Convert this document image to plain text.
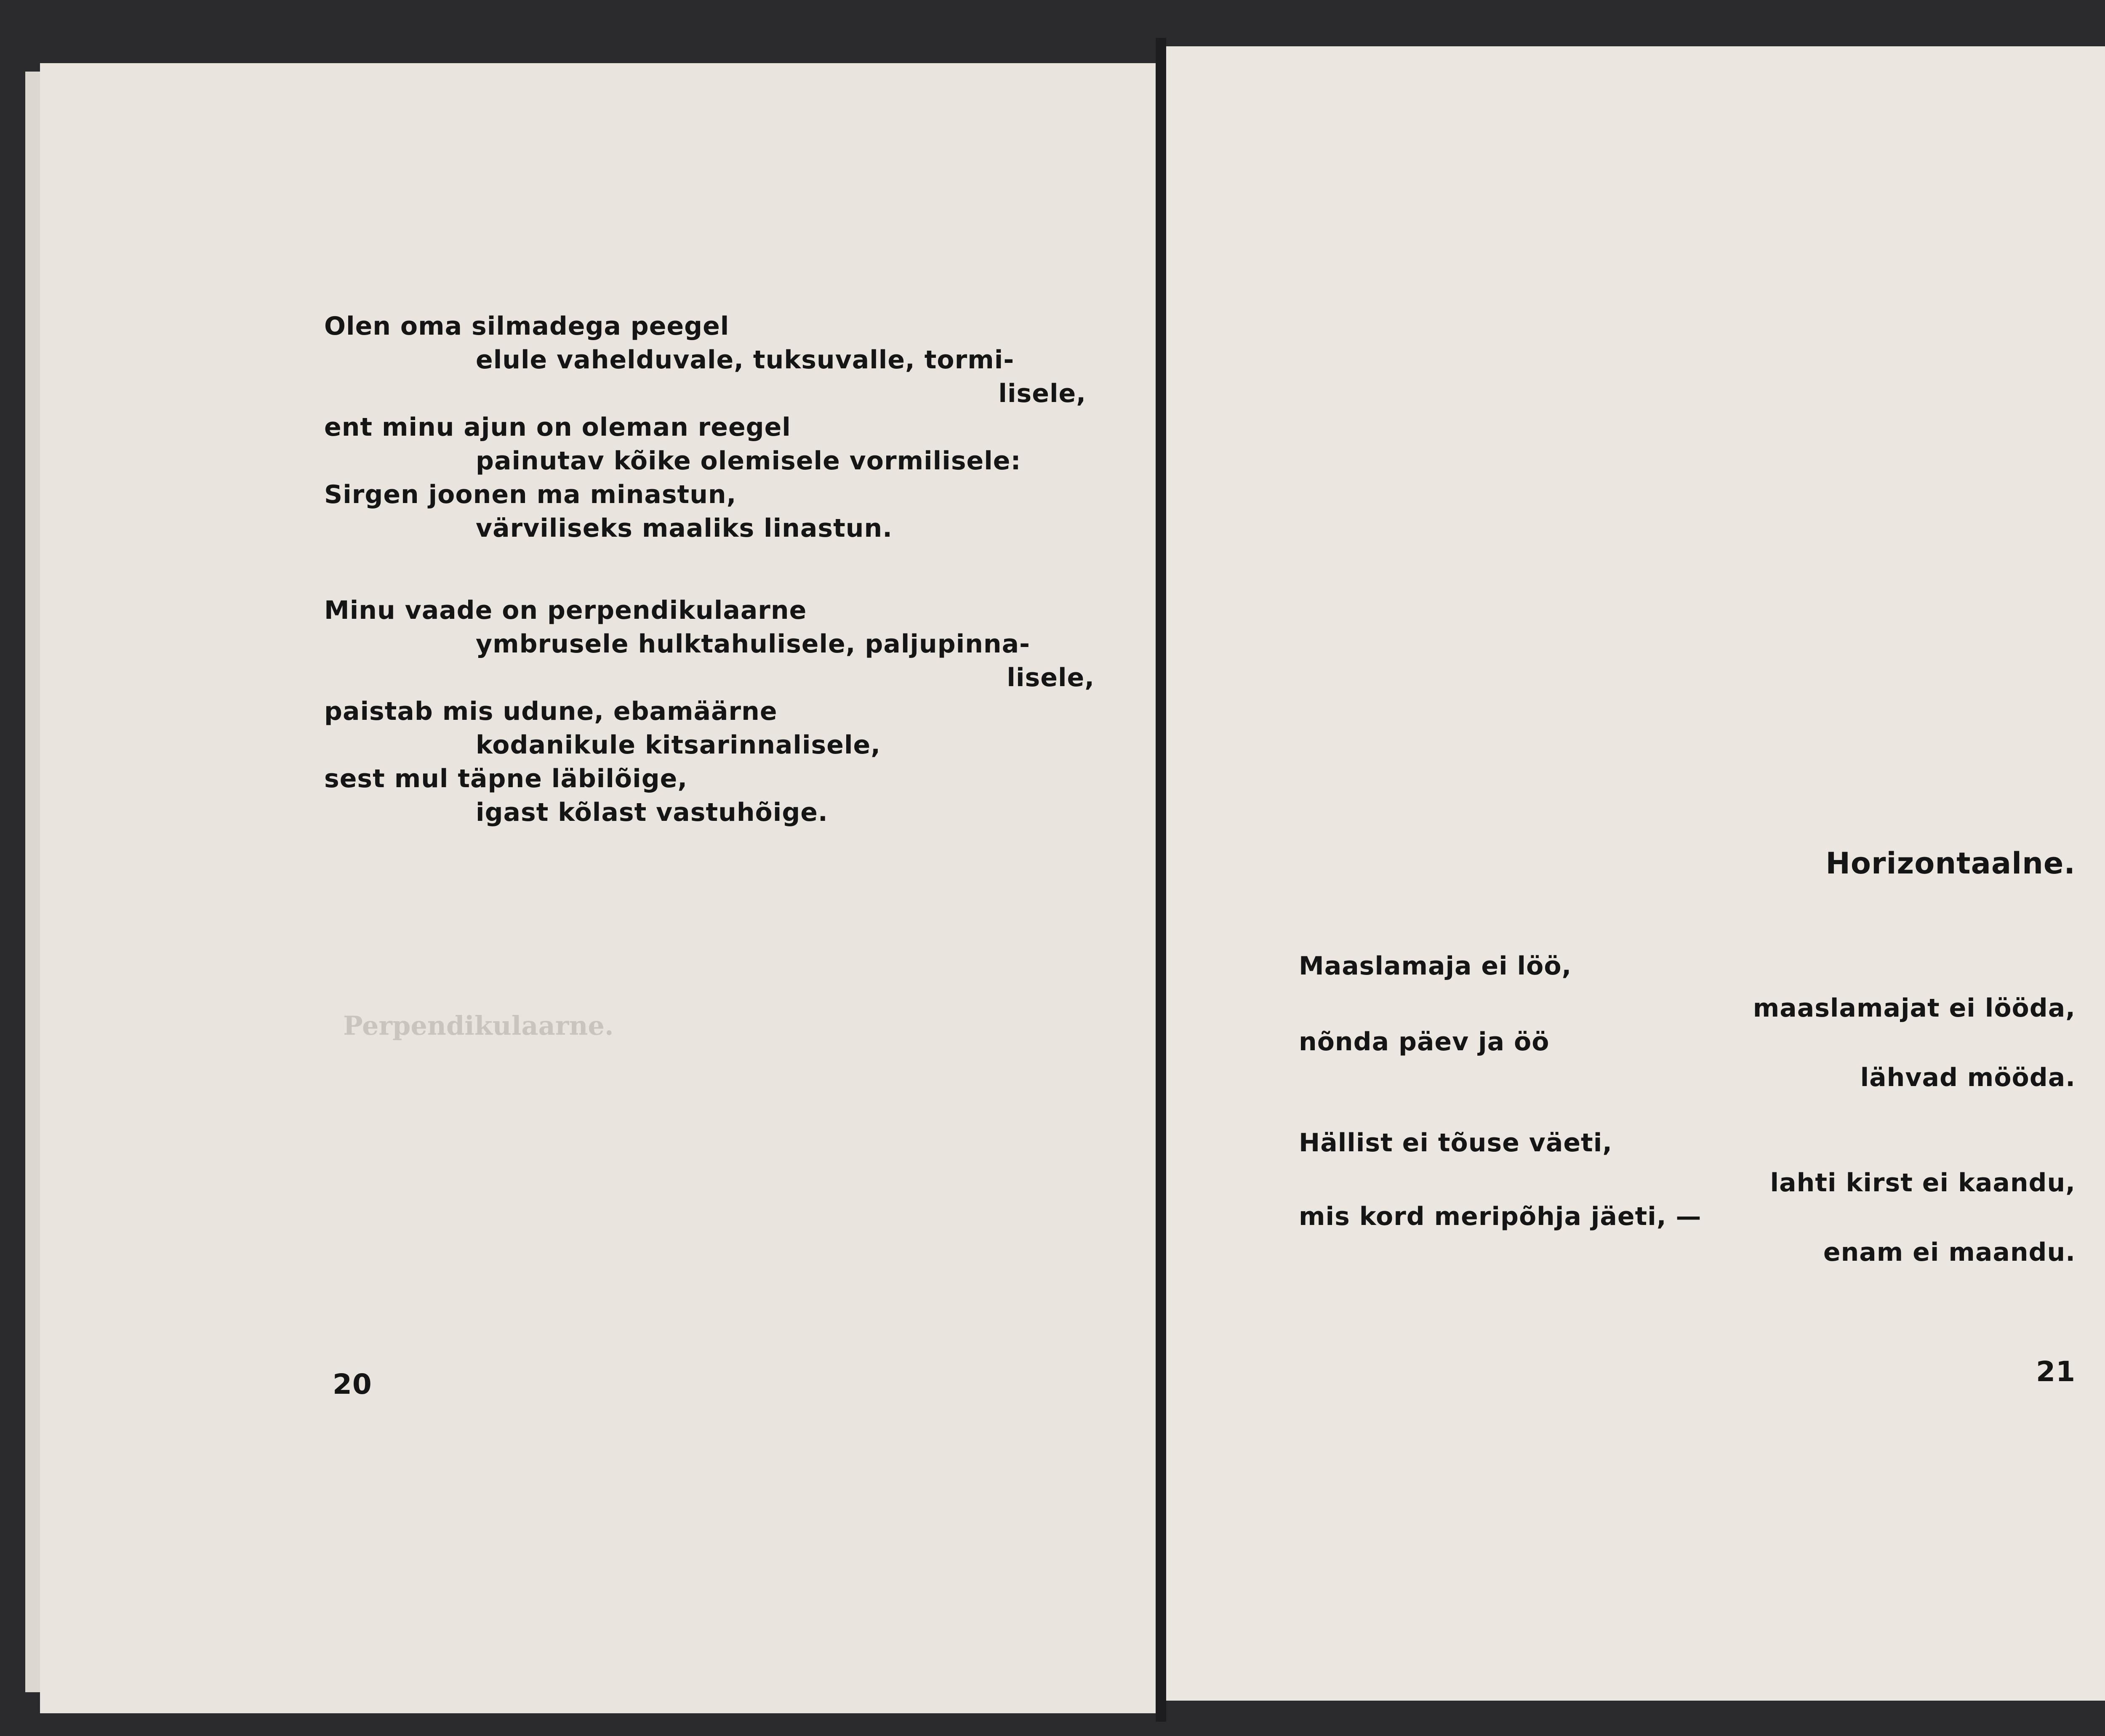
Perpendikulaarne.
Olen oma silmadega peegel
elule vahelduvale, tuksuvalle, tormi-
lisele,
ent minu ajun on oleman reegel
painutav kõike olemisele vormilisele:
Sirgen joonen ma minastun,
värviliseks maaliks linastun.
Minu vaade on perpendikulaarne
ymbrusele hulktahulisele, paljupinna-
lisele,
paistab mis udune, ebamäärne
kodanikule kitsarinnalisele,
sest mul täpne läbilõige,
igast kõlast vastuhõige.
20
Horizontaalne.
Maaslamaja ei löö,
maaslamajat ei lööda,
nõnda päev ja öö
lähvad mööda.
Hällist ei tõuse väeti,
lahti kirst ei kaandu,
mis kord meripõhja jäeti, —
enam ei maandu.
21
